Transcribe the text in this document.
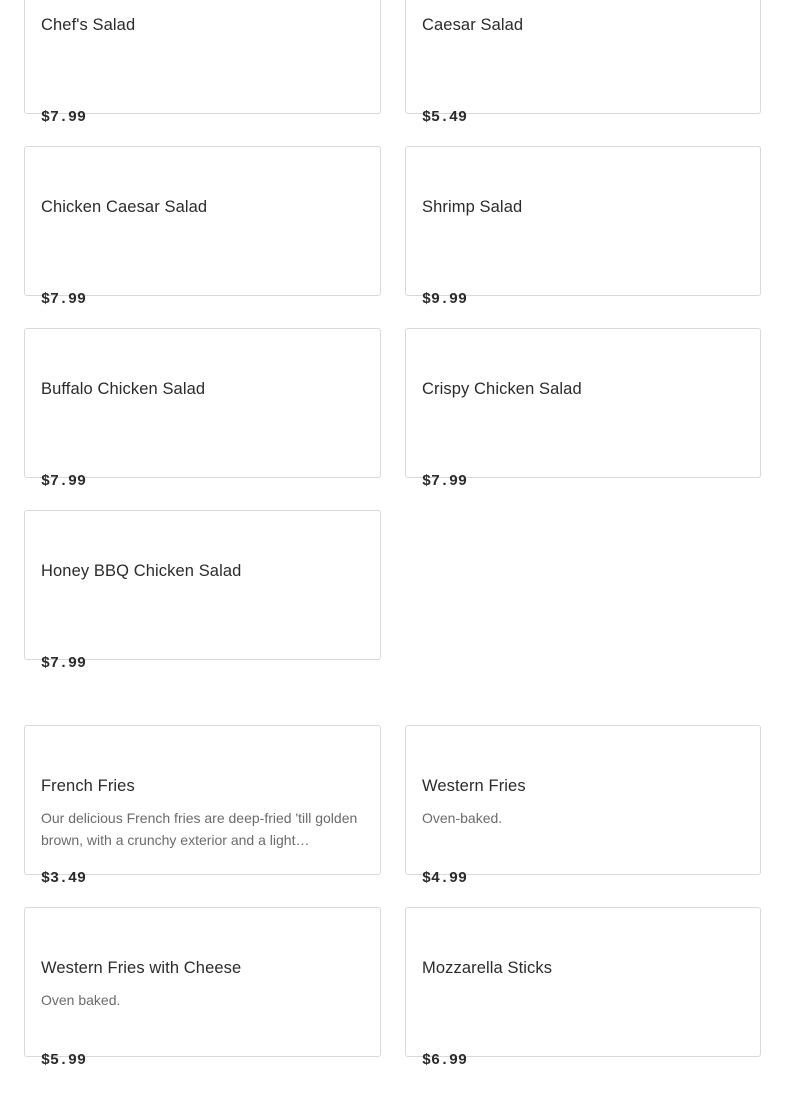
Chef's Salad
$7.99
Caesar Salad
$5.49
Chicken Caesar Salad
$7.99
Shrimp Salad
$9.99
Buffalo Chicken Salad
$7.99
Crispy Chicken Salad
$7.99
Honey BBQ Chicken Salad
$7.99
French Fries
Our delicious French fries are deep-fried 'till golden brown, with a crunchy exterior and a light…
$3.49
Western Fries
Oven-baked.
$4.99
Western Fries with Cheese
Oven baked.
$5.99
Mozzarella Sticks
$6.99
